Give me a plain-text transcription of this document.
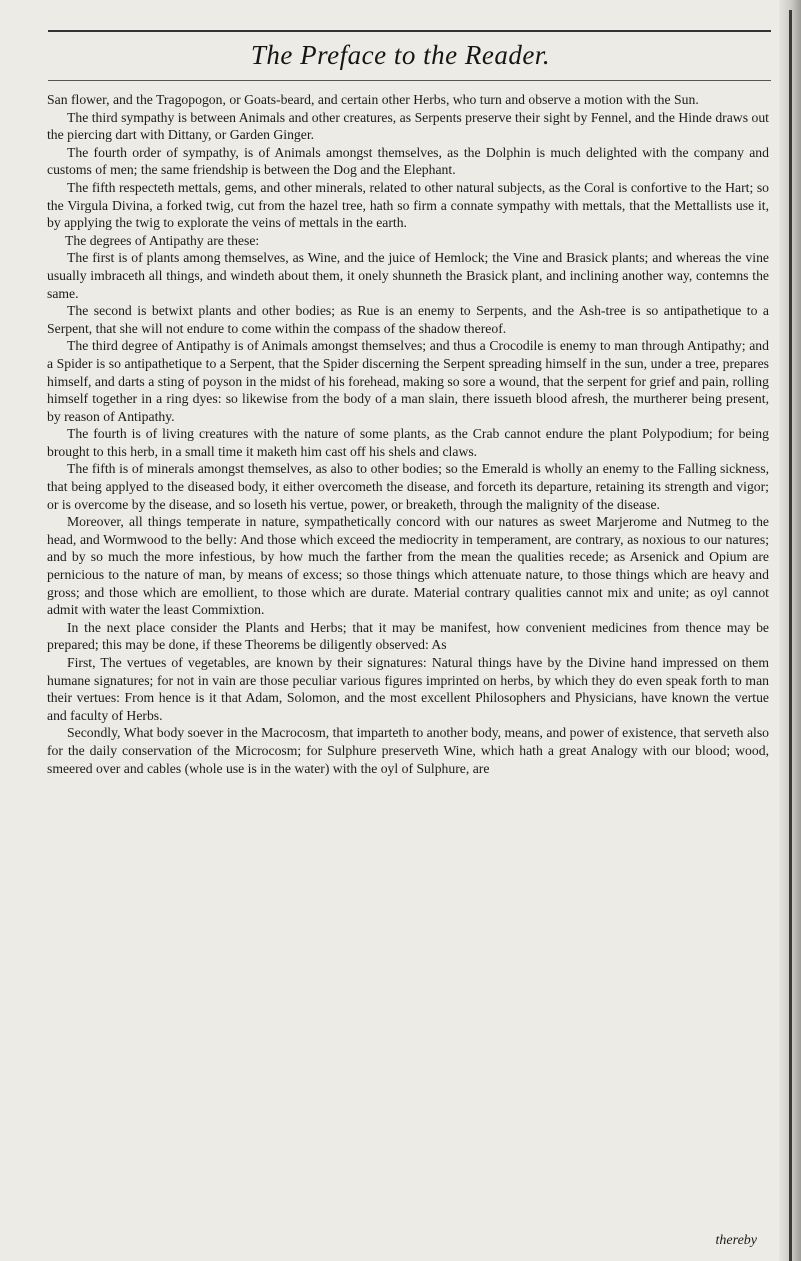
The Preface to the Reader.

San flower, and the Tragopogon, or Goats-beard, and certain other Herbs, who turn and observe a motion with the Sun.

The third sympathy is between Animals and other creatures, as Serpents preserve their sight by Fennel, and the Hinde draws out the piercing dart with Dittany, or Garden Ginger.

The fourth order of sympathy, is of Animals amongst themselves, as the Dolphin is much delighted with the company and customs of men; the same friendship is between the Dog and the Elephant.

The fifth respecteth mettals, gems, and other minerals, related to other natural subjects, as the Coral is confortive to the Hart; so the Virgula Divina, a forked twig, cut from the hazel tree, hath so firm a connate sympathy with mettals, that the Mettallists use it, by applying the twig to explorate the veins of mettals in the earth.

The degrees of Antipathy are these:

The first is of plants among themselves, as Wine, and the juice of Hemlock; the Vine and Brasick plants; and whereas the vine usually imbraceth all things, and windeth about them, it onely shunneth the Brasick plant, and inclining another way, contemns the same.

The second is betwixt plants and other bodies; as Rue is an enemy to Serpents, and the Ash-tree is so antipathetique to a Serpent, that she will not endure to come within the compass of the shadow thereof.

The third degree of Antipathy is of Animals amongst themselves; and thus a Crocodile is enemy to man through Antipathy; and a Spider is so antipathetique to a Serpent, that the Spider discerning the Serpent spreading himself in the sun, under a tree, prepares himself, and darts a sting of poyson in the midst of his forehead, making so sore a wound, that the serpent for grief and pain, rolling himself together in a ring dyes: so likewise from the body of a man slain, there issueth blood afresh, the murtherer being present, by reason of Antipathy.

The fourth is of living creatures with the nature of some plants, as the Crab cannot endure the plant Polypodium; for being brought to this herb, in a small time it maketh him cast off his shels and claws.

The fifth is of minerals amongst themselves, as also to other bodies; so the Emerald is wholly an enemy to the Falling sickness, that being applyed to the diseased body, it either overcometh the disease, and forceth its departure, retaining its strength and vigor; or is overcome by the disease, and so loseth his vertue, power, or breaketh, through the malignity of the disease.

Moreover, all things temperate in nature, sympathetically concord with our natures as sweet Marjerome and Nutmeg to the head, and Wormwood to the belly: And those which exceed the mediocrity in temperament, are contrary, as noxious to our natures; and by so much the more infestious, by how much the farther from the mean the qualities recede; as Arsenick and Opium are pernicious to the nature of man, by means of excess; so those things which attenuate nature, to those things which are heavy and gross; and those which are emollient, to those which are durate. Material contrary qualities cannot mix and unite; as oyl cannot admit with water the least Commixtion.

In the next place consider the Plants and Herbs; that it may be manifest, how convenient medicines from thence may be prepared; this may be done, if these Theorems be diligently observed: As

First, The vertues of vegetables, are known by their signatures: Natural things have by the Divine hand impressed on them humane signatures; for not in vain are those peculiar various figures imprinted on herbs, by which they do even speak forth to man their vertues: From hence is it that Adam, Solomon, and the most excellent Philosophers and Physicians, have known the vertue and faculty of Herbs.

Secondly, What body soever in the Macrocosm, that imparteth to another body, means, and power of existence, that serveth also for the daily conservation of the Microcosm; for Sulphure preserveth Wine, which hath a great Analogy with our blood; wood, smeered over and cables (whole use is in the water) with the oyl of Sulphure, are

thereby
